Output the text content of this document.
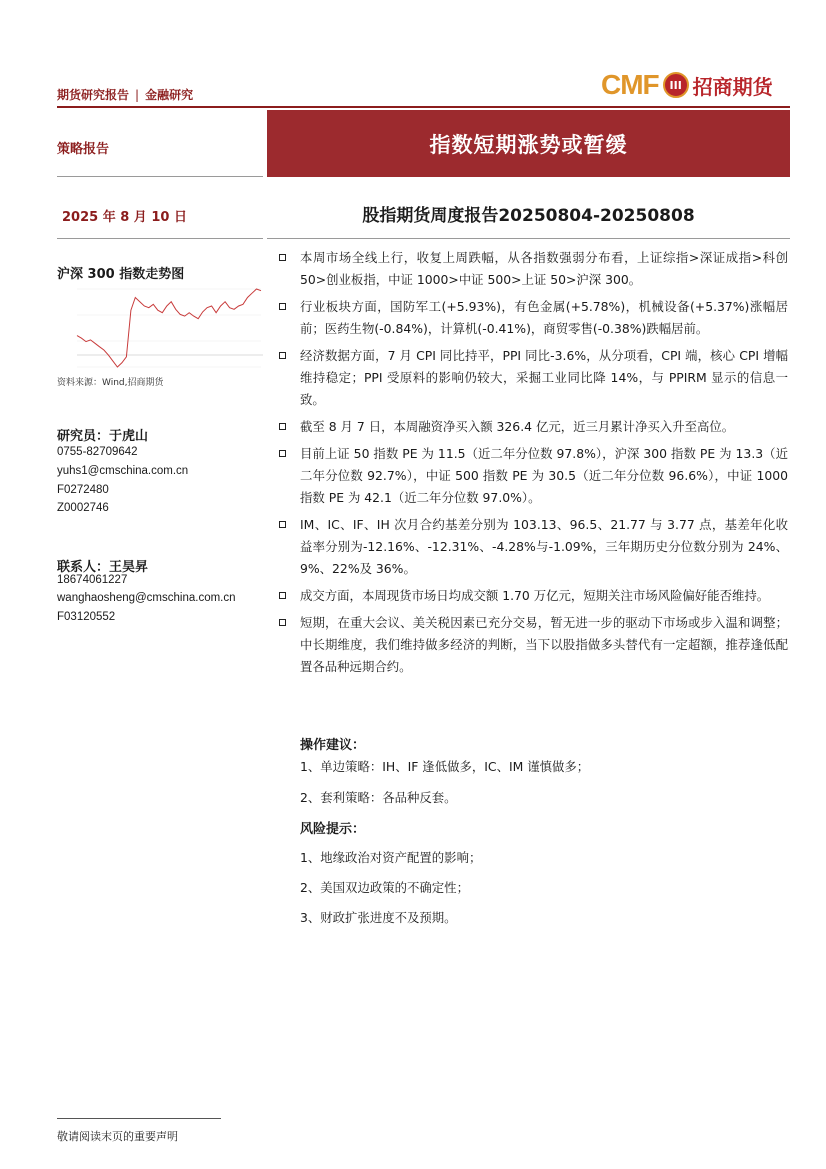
期货研究报告 | 金融研究	CMF III 招商期货
策略报告
2025 年 8 月 10 日
沪深 300 指数走势图
资料来源：Wind,招商期货
研究员：于虎山
0755-82709642
yuhs1@cmschina.com.cn
F0272480
Z0002746
联系人：王昊昇
18674061227
wanghaosheng@cmschina.com.cn
F03120552
指数短期涨势或暂缓
股指期货周度报告20250804-20250808
本周市场全线上行，收复上周跌幅，从各指数强弱分布看，上证综指>深证成指>科创 50>创业板指，中证 1000>中证 500>上证 50>沪深 300。
行业板块方面，国防军工(+5.93%)，有色金属(+5.78%)，机械设备(+5.37%)涨幅居前；医药生物(-0.84%)，计算机(-0.41%)，商贸零售(-0.38%)跌幅居前。
经济数据方面，7 月 CPI 同比持平，PPI 同比-3.6%，从分项看，CPI 端，核心 CPI 增幅维持稳定；PPI 受原料的影响仍较大，采掘工业同比降 14%，与 PPIRM 显示的信息一致。
截至 8 月 7 日，本周融资净买入额 326.4 亿元，近三月累计净买入升至高位。
目前上证 50 指数 PE 为 11.5（近二年分位数 97.8%），沪深 300 指数 PE 为 13.3（近二年分位数 92.7%），中证 500 指数 PE 为 30.5（近二年分位数 96.6%），中证 1000 指数 PE 为 42.1（近二年分位数 97.0%）。
IM、IC、IF、IH 次月合约基差分别为 103.13、96.5、21.77 与 3.77 点，基差年化收益率分别为-12.16%、-12.31%、-4.28%与-1.09%，三年期历史分位数分别为 24%、9%、22%及 36%。
成交方面，本周现货市场日均成交额 1.70 万亿元，短期关注市场风险偏好能否维持。
短期，在重大会议、美关税因素已充分交易，暂无进一步的驱动下市场或步入温和调整；中长期维度，我们维持做多经济的判断，当下以股指做多头替代有一定超额，推荐逢低配置各品种远期合约。
操作建议：
1、单边策略：IH、IF 逢低做多，IC、IM 谨慎做多；
2、套利策略：各品种反套。
风险提示：
1、地缘政治对资产配置的影响；
2、美国双边政策的不确定性；
3、财政扩张进度不及预期。
敬请阅读末页的重要声明
